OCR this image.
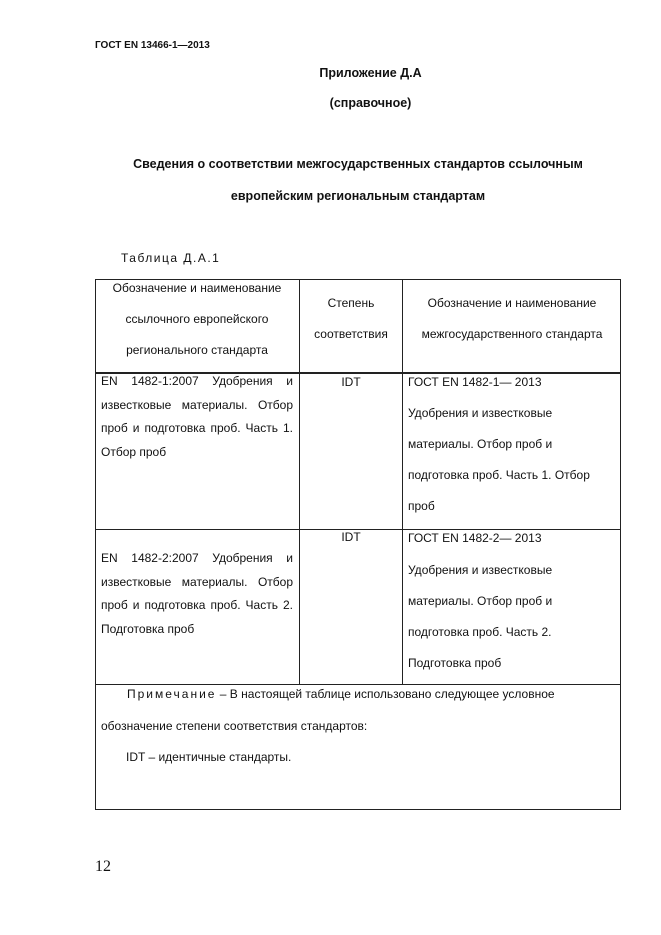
ГОСТ EN 13466-1—2013
Приложение Д.А
(справочное)
Сведения о соответствии межгосударственных стандартов ссылочным
европейским региональным стандартам
Таблица Д.А.1
Обозначение и наименование ссылочного европейского регионального стандарта
Степень соответствия
Обозначение и наименование межгосударственного стандарта
EN 1482-1:2007 Удобрения и известковые материалы. Отбор проб и подготовка проб. Часть 1. Отбор проб
IDT	ГОСТ EN 1482-1— 2013
Удобрения и известковые материалы. Отбор проб и подготовка проб. Часть 1. Отбор проб
EN 1482-2:2007 Удобрения и известковые материалы. Отбор проб и подготовка проб. Часть 2. Подготовка проб
IDT	ГОСТ EN 1482-2— 2013
Удобрения и известковые материалы. Отбор проб и подготовка проб. Часть 2. Подготовка проб
Примечание – В настоящей таблице использовано следующее условное обозначение степени соответствия стандартов:
IDT – идентичные стандарты.
12
